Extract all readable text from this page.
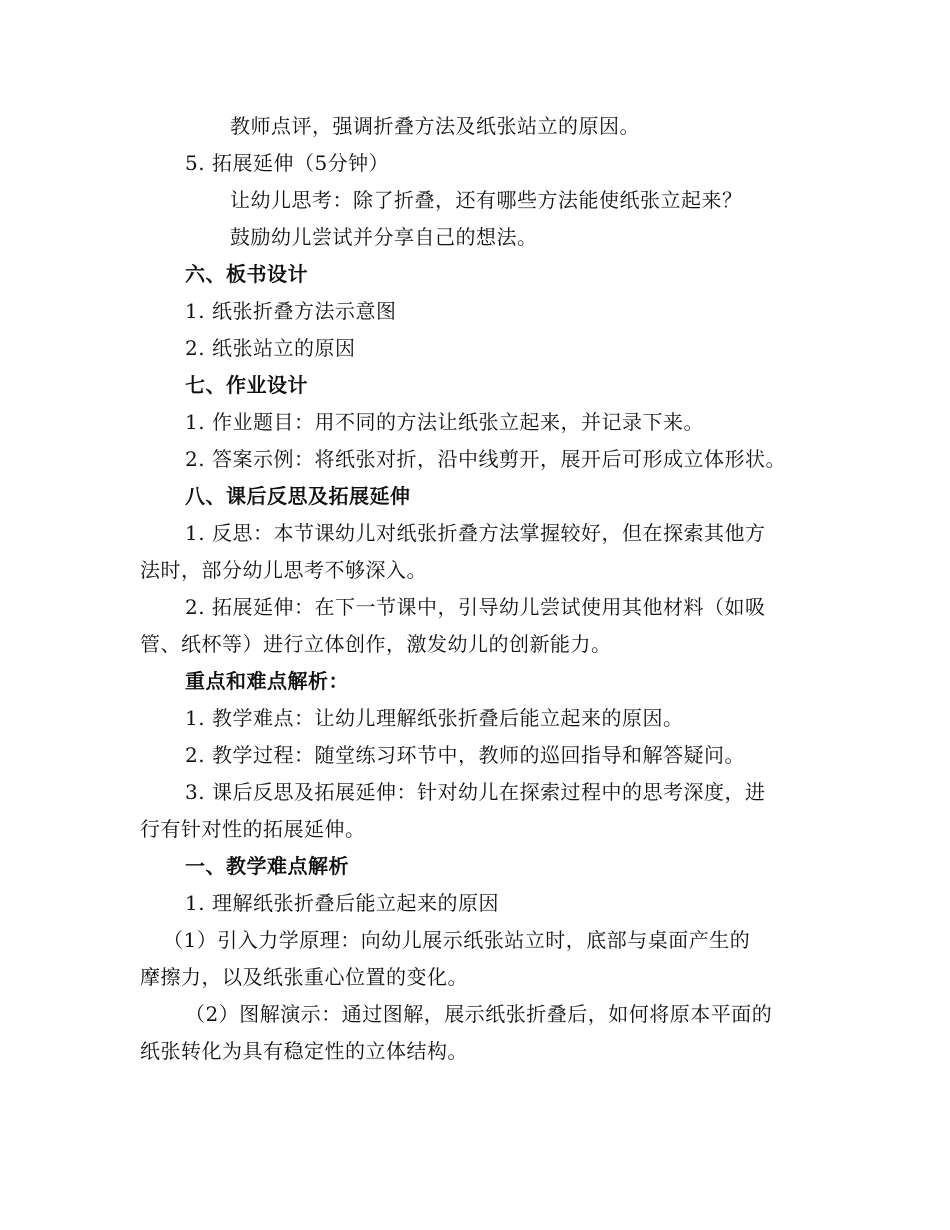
教师点评，强调折叠方法及纸张站立的原因。
5. 拓展延伸（5分钟）
让幼儿思考：除了折叠，还有哪些方法能使纸张立起来？
鼓励幼儿尝试并分享自己的想法。
六、板书设计
1. 纸张折叠方法示意图
2. 纸张站立的原因
七、作业设计
1. 作业题目：用不同的方法让纸张立起来，并记录下来。
2. 答案示例：将纸张对折，沿中线剪开，展开后可形成立体形状。
八、课后反思及拓展延伸
1. 反思：本节课幼儿对纸张折叠方法掌握较好，但在探索其他方
法时，部分幼儿思考不够深入。
2. 拓展延伸：在下一节课中，引导幼儿尝试使用其他材料（如吸
管、纸杯等）进行立体创作，激发幼儿的创新能力。
重点和难点解析：
1. 教学难点：让幼儿理解纸张折叠后能立起来的原因。
2. 教学过程：随堂练习环节中，教师的巡回指导和解答疑问。
3. 课后反思及拓展延伸：针对幼儿在探索过程中的思考深度，进
行有针对性的拓展延伸。
一、教学难点解析
1. 理解纸张折叠后能立起来的原因
（1）引入力学原理：向幼儿展示纸张站立时，底部与桌面产生的
摩擦力，以及纸张重心位置的变化。
（2）图解演示：通过图解，展示纸张折叠后，如何将原本平面的
纸张转化为具有稳定性的立体结构。
